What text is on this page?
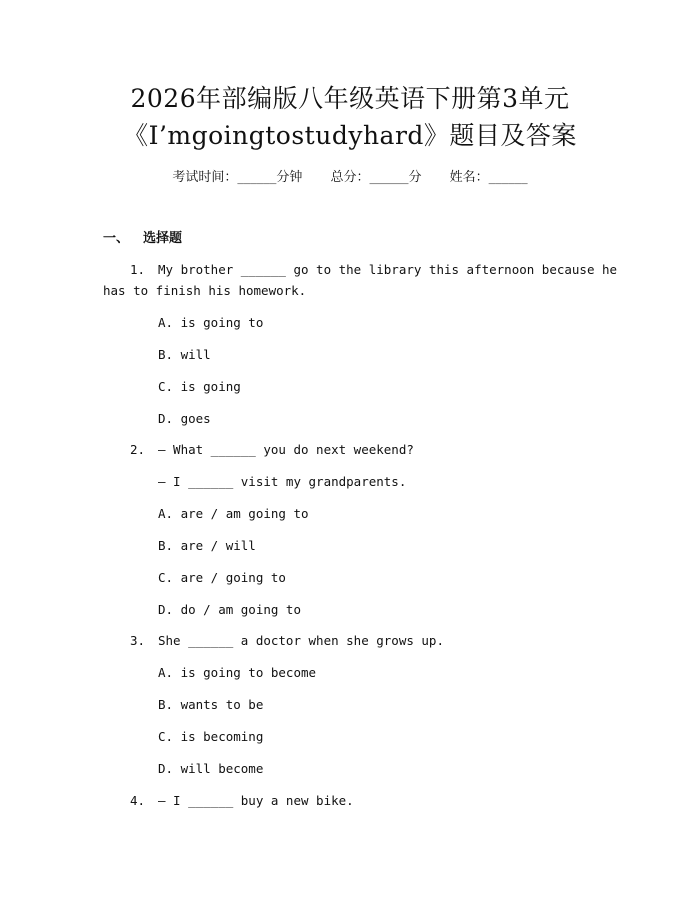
2026年部编版八年级英语下册第3单元
《I’mgoingtostudyhard》题目及答案
考试时间：______分钟 总分：______分 姓名：______
一、 选择题
1. My brother ______ go to the library this afternoon because he
has to finish his homework.
A. is going to
B. will
C. is going
D. goes
2. — What ______ you do next weekend?
— I ______ visit my grandparents.
A. are / am going to
B. are / will
C. are / going to
D. do / am going to
3. She ______ a doctor when she grows up.
A. is going to become
B. wants to be
C. is becoming
D. will become
4. — I ______ buy a new bike.
